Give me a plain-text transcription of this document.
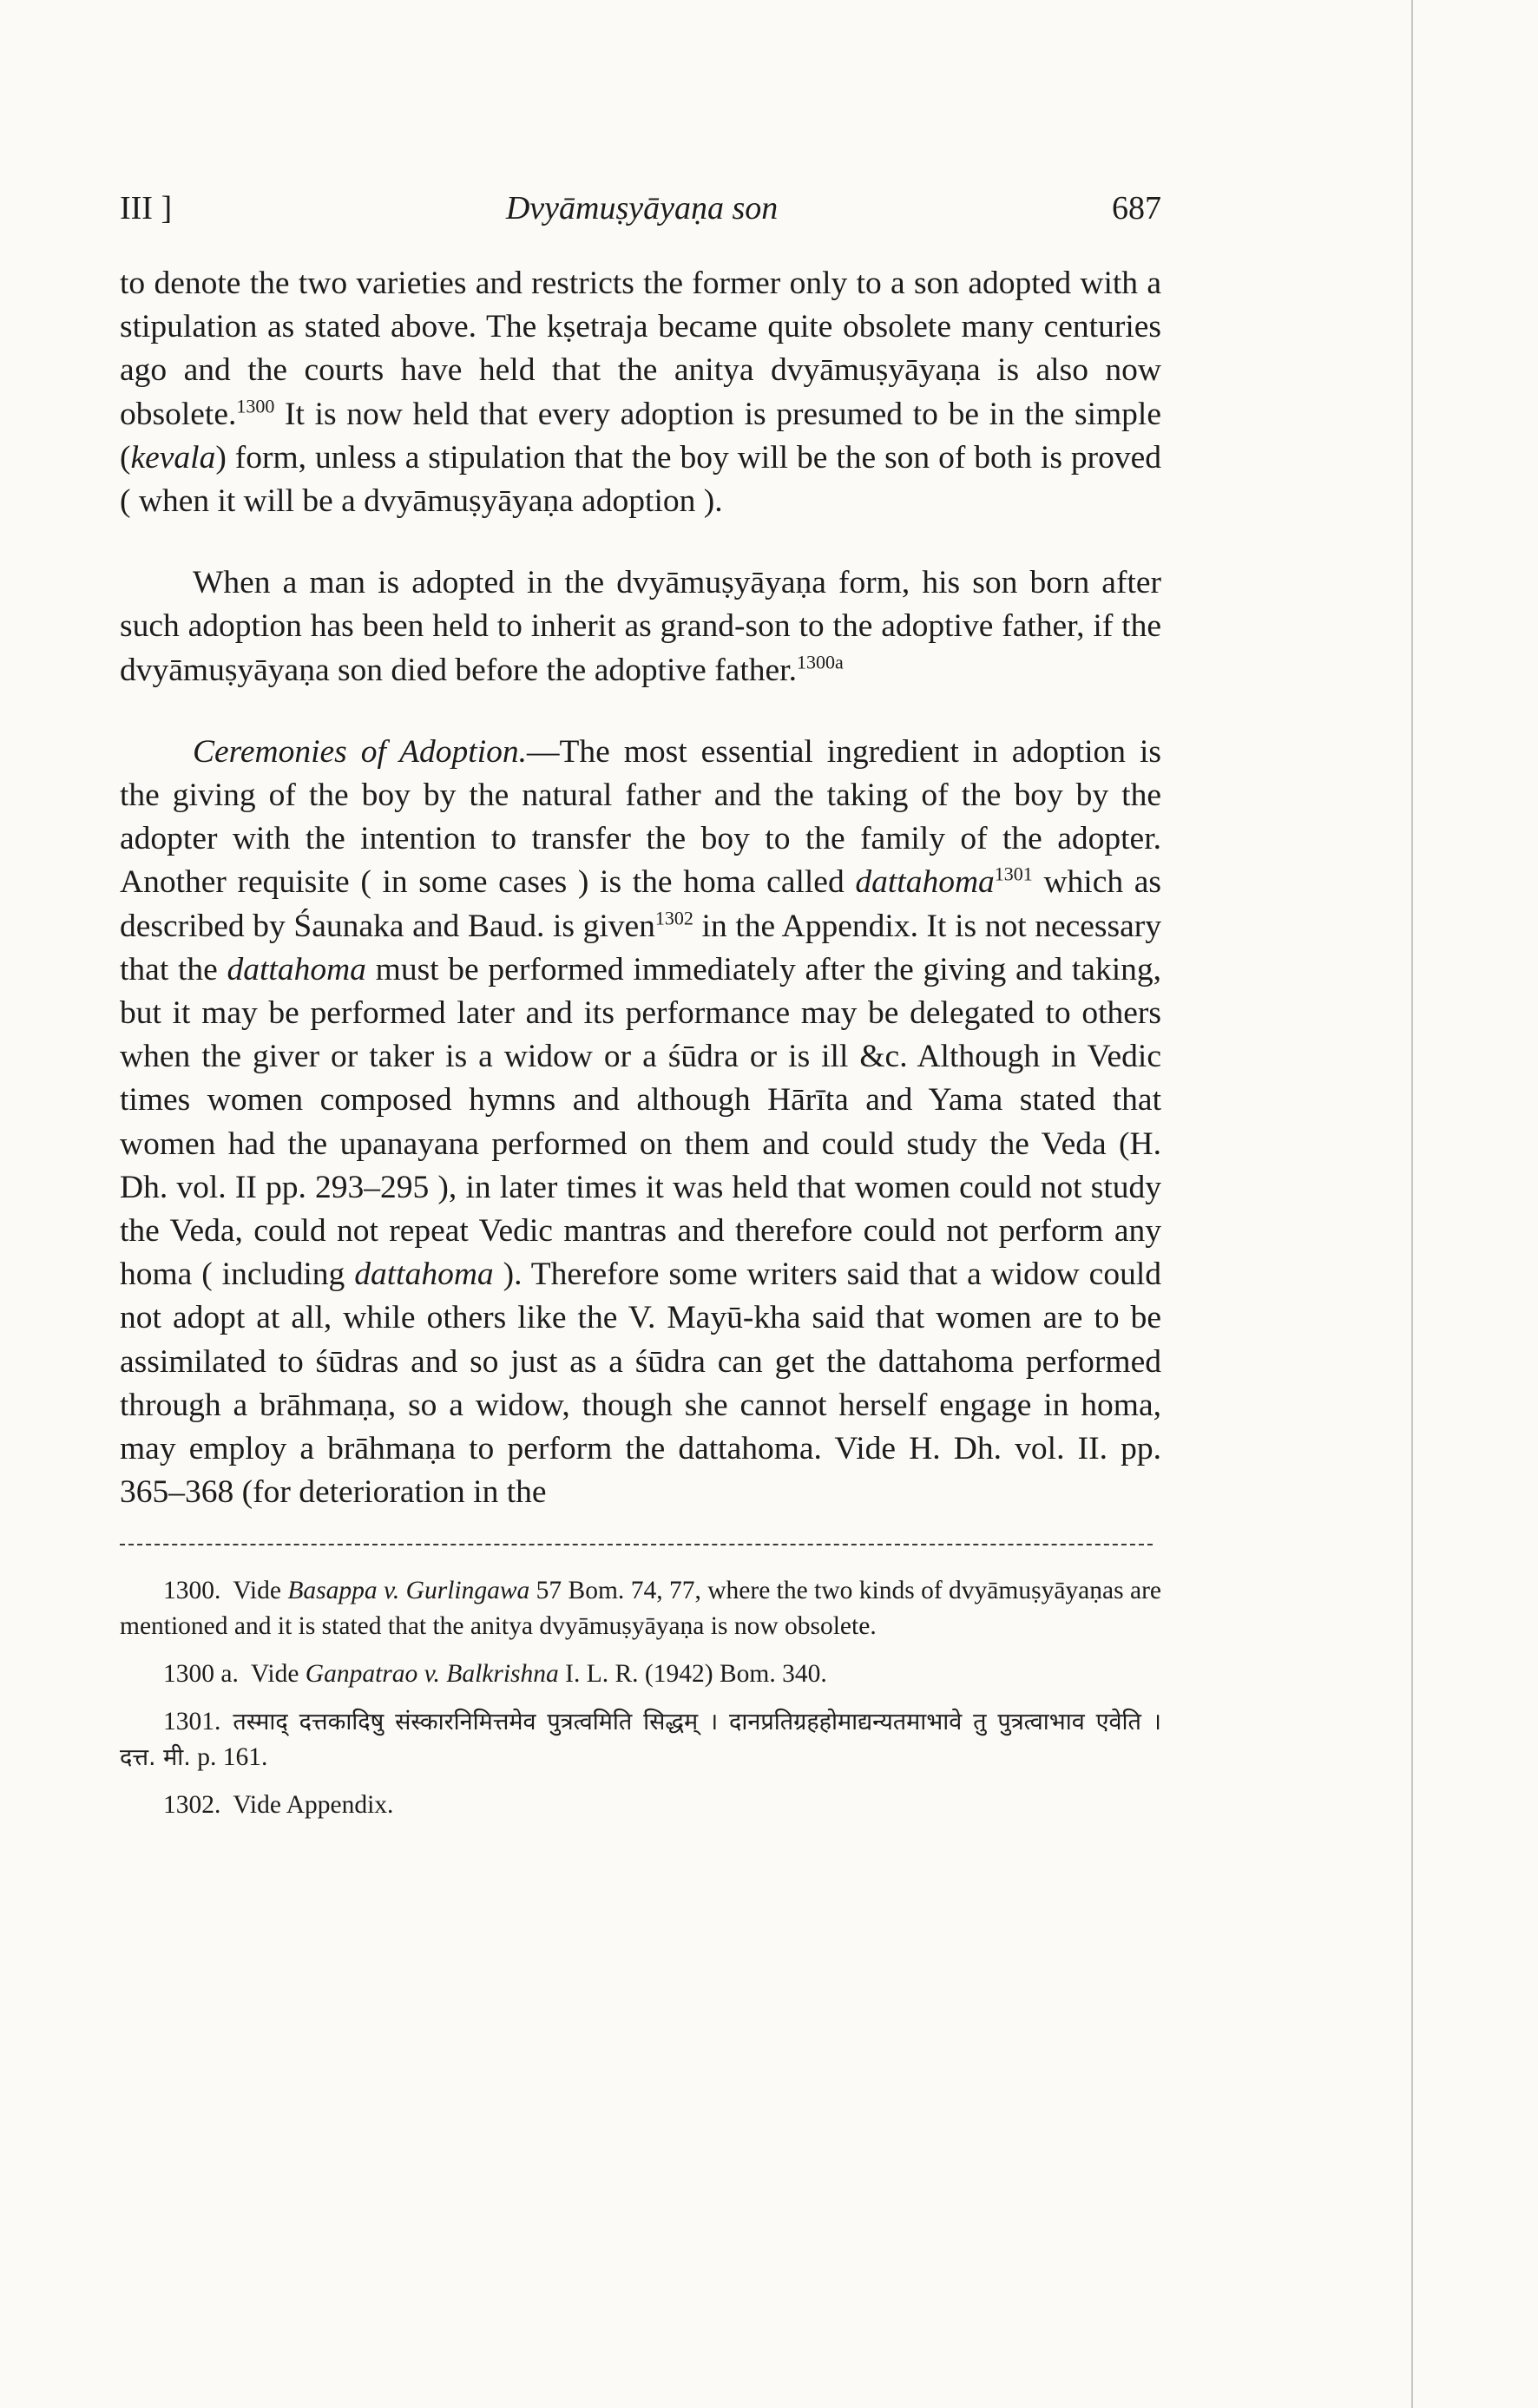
III ]	Dvyāmuṣyāyaṇa son	687

to denote the two varieties and restricts the former only to a son adopted with a stipulation as stated above. The kṣetraja became quite obsolete many centuries ago and the courts have held that the anitya dvyāmuṣyāyaṇa is also now obsolete.$^{1300}$ It is now held that every adoption is presumed to be in the simple (kevala) form, unless a stipulation that the boy will be the son of both is proved ( when it will be a dvyāmuṣyāyaṇa adoption ).

When a man is adopted in the dvyāmuṣyāyaṇa form, his son born after such adoption has been held to inherit as grand-son to the adoptive father, if the dvyāmuṣyāyaṇa son died before the adoptive father.$^{1300a}$

Ceremonies of Adoption.—The most essential ingredient in adoption is the giving of the boy by the natural father and the taking of the boy by the adopter with the intention to transfer the boy to the family of the adopter. Another requisite ( in some cases ) is the homa called dattahoma$^{1301}$ which as described by Śaunaka and Baud. is given$^{1302}$ in the Appendix. It is not necessary that the dattahoma must be performed immediately after the giving and taking, but it may be performed later and its performance may be delegated to others when the giver or taker is a widow or a śūdra or is ill &c. Although in Vedic times women composed hymns and although Hārīta and Yama stated that women had the upanayana performed on them and could study the Veda (H. Dh. vol. II pp. 293–295 ), in later times it was held that women could not study the Veda, could not repeat Vedic mantras and therefore could not perform any homa ( including dattahoma ). Therefore some writers said that a widow could not adopt at all, while others like the V. Mayū-kha said that women are to be assimilated to śūdras and so just as a śūdra can get the dattahoma performed through a brāhmaṇa, so a widow, though she cannot herself engage in homa, may employ a brāhmaṇa to perform the dattahoma. Vide H. Dh. vol. II. pp. 365–368 (for deterioration in the

1300. Vide Basappa v. Gurlingawa 57 Bom. 74, 77, where the two kinds of dvyāmuṣyāyaṇas are mentioned and it is stated that the anitya dvyāmuṣyāyaṇa is now obsolete.

1300 a. Vide Ganpatrao v. Balkrishna I. L. R. (1942) Bom. 340.

1301. तस्माद् दत्तकादिषु संस्कारनिमित्तमेव पुत्रत्वमिति सिद्धम् । दानप्रतिग्रहहोमाद्यन्यतमाभावे तु पुत्रत्वाभाव एवेति । दत्त. मी. p. 161.

1302. Vide Appendix.
